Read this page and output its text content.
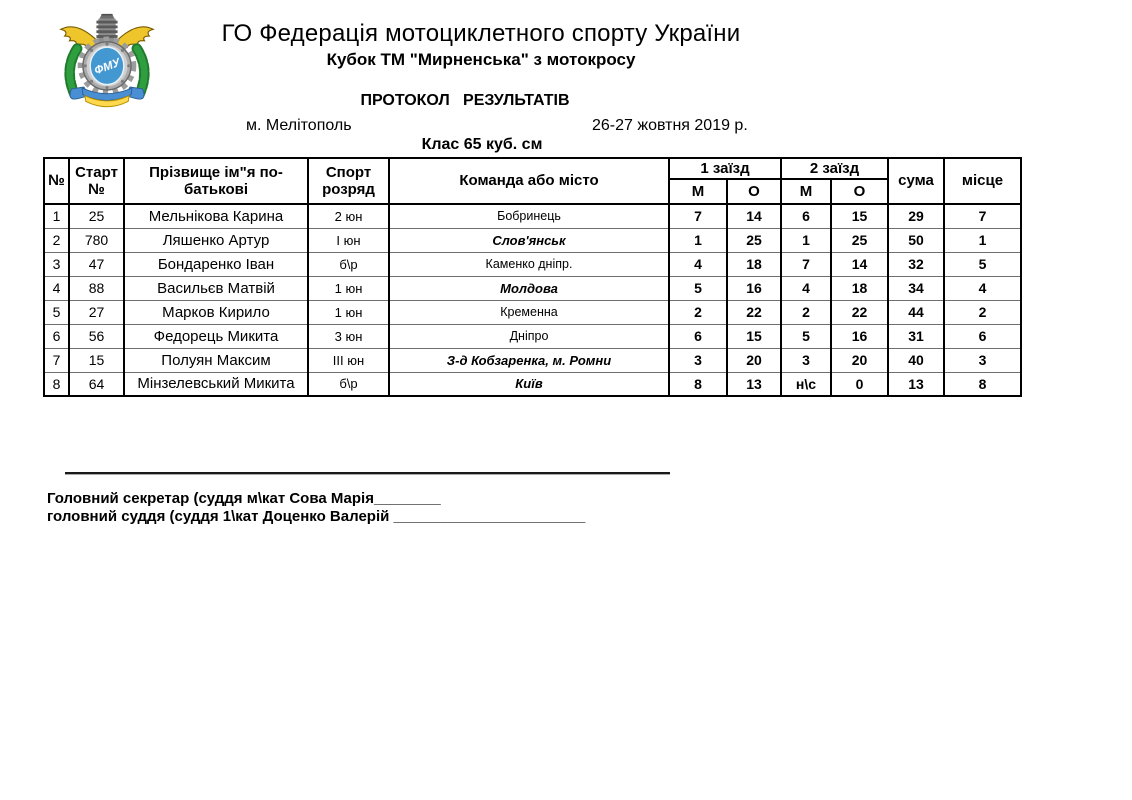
ФМУ
ГО Федерація мотоциклетного спорту України
Кубок ТМ "Мирненська" з мотокросу
ПРОТОКОЛ   РЕЗУЛЬТАТІВ
м. Мелітополь	26-27 жовтня 2019 р.
Клас 65 куб. см
№	Старт №	Прізвище ім"я по-батькові	Спорт розряд	Команда або місто	1 заїзд		2 заїзд		сума	місце
					М	О	М	О		
1	25	Мельнікова Карина	2 юн	Бобринець	7	14	6	15	29	7
2	780	Ляшенко Артур	І юн	Слов'янськ	1	25	1	25	50	1
3	47	Бондаренко Іван	б\р	Каменко дніпр.	4	18	7	14	32	5
4	88	Васильєв Матвій	1 юн	Молдова	5	16	4	18	34	4
5	27	Марков Кирило	1 юн	Кременна	2	22	2	22	44	2
6	56	Федорець Микита	3 юн	Дніпро	6	15	5	16	31	6
7	15	Полуян Максим	ІІІ юн	З-д Кобзаренка, м. Ромни	3	20	3	20	40	3
8	64	Мінзелевський Микита	б\р	Київ	8	13	н\с	0	13	8
Головний секретар (суддя м\кат Сова Марія________
головний суддя (суддя 1\кат Доценко Валерій _______________________
